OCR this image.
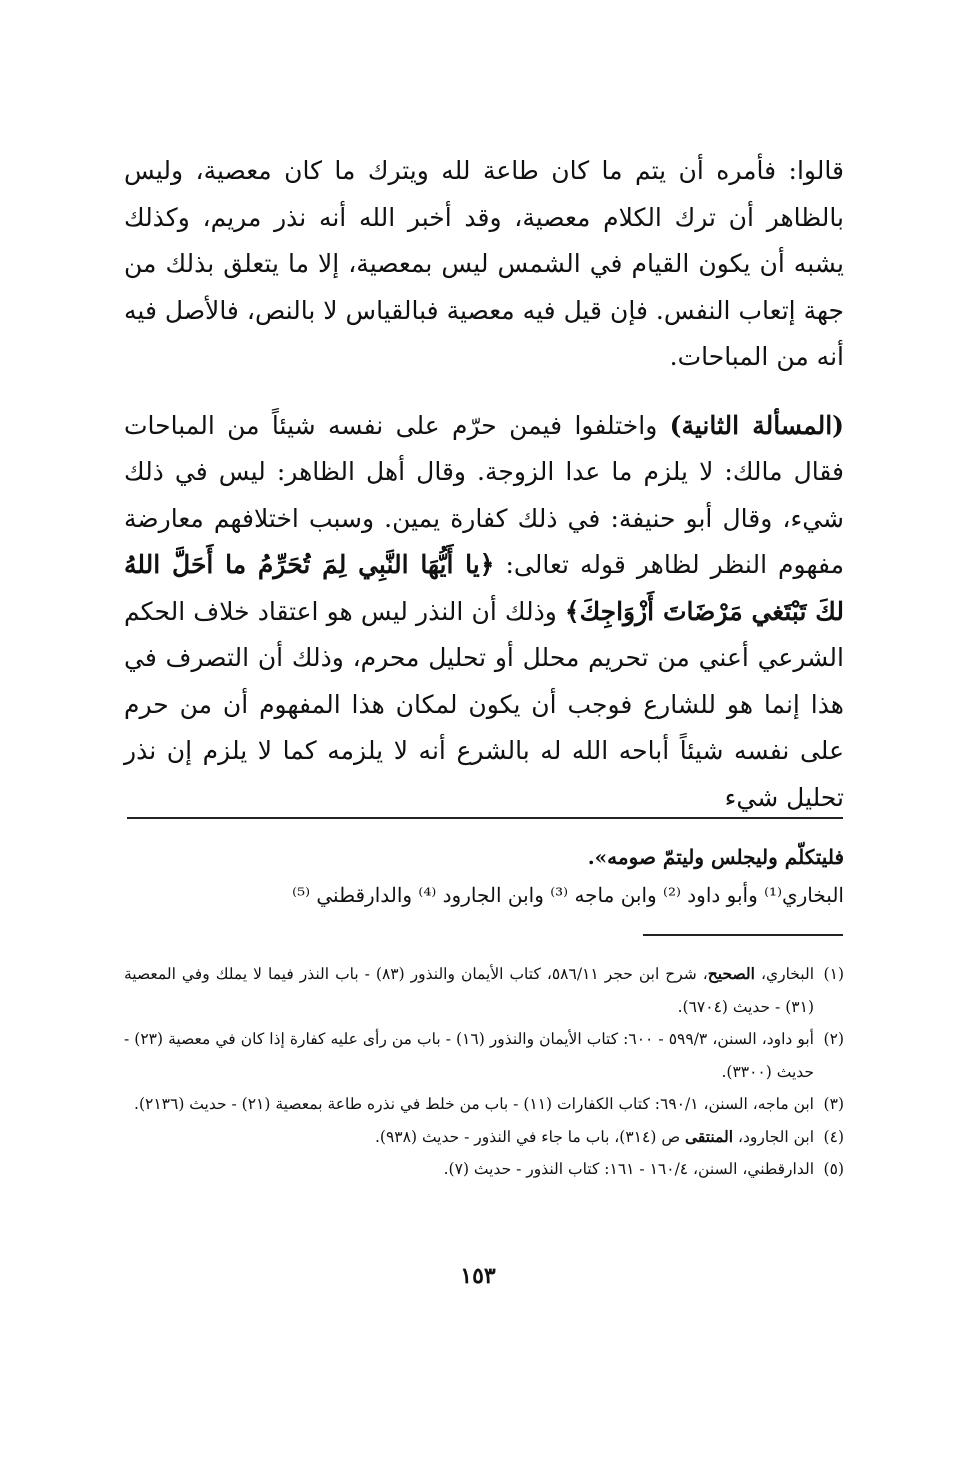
قالوا: فأمره أن يتم ما كان طاعة لله ويترك ما كان معصية، وليس بالظاهر أن ترك الكلام معصية، وقد أخبر الله أنه نذر مريم، وكذلك يشبه أن يكون القيام في الشمس ليس بمعصية، إلا ما يتعلق بذلك من جهة إتعاب النفس. فإن قيل فيه معصية فبالقياس لا بالنص، فالأصل فيه أنه من المباحات.

(المسألة الثانية) واختلفوا فيمن حرّم على نفسه شيئاً من المباحات فقال مالك: لا يلزم ما عدا الزوجة. وقال أهل الظاهر: ليس في ذلك شيء، وقال أبو حنيفة: في ذلك كفارة يمين. وسبب اختلافهم معارضة مفهوم النظر لظاهر قوله تعالى: ﴿يا أَيُّهَا النَّبِي لِمَ تُحَرِّمُ ما أَحَلَّ اللهُ لكَ تَبْتَغي مَرْضَاتَ أَزْوَاجِكَ﴾ وذلك أن النذر ليس هو اعتقاد خلاف الحكم الشرعي أعني من تحريم محلل أو تحليل محرم، وذلك أن التصرف في هذا إنما هو للشارع فوجب أن يكون لمكان هذا المفهوم أن من حرم على نفسه شيئاً أباحه الله له بالشرع أنه لا يلزمه كما لا يلزم إن نذر تحليل شيء

فليتكلّم وليجلس وليتمّ صومه».

البخاري⁽¹⁾ وأبو داود ⁽²⁾ وابن ماجه ⁽³⁾ وابن الجارود ⁽⁴⁾ والدارقطني ⁽⁵⁾

(١)
البخاري، الصحيح، شرح ابن حجر ٥٨٦/١١، كتاب الأيمان والنذور (٨٣) - باب النذر فيما لا يملك وفي المعصية (٣١) - حديث (٦٧٠٤).

(٢)
أبو داود، السنن، ٥٩٩/٣ - ٦٠٠: كتاب الأيمان والنذور (١٦) - باب من رأى عليه كفارة إذا كان في معصية (٢٣) - حديث (٣٣٠٠).

(٣)
ابن ماجه، السنن، ٦٩٠/١: كتاب الكفارات (١١) - باب من خلط في نذره طاعة بمعصية (٢١) - حديث (٢١٣٦).

(٤)
ابن الجارود، المنتقى ص (٣١٤)، باب ما جاء في النذور - حديث (٩٣٨).

(٥)
الدارقطني، السنن، ١٦٠/٤ - ١٦١: كتاب النذور - حديث (٧).

١٥٣
